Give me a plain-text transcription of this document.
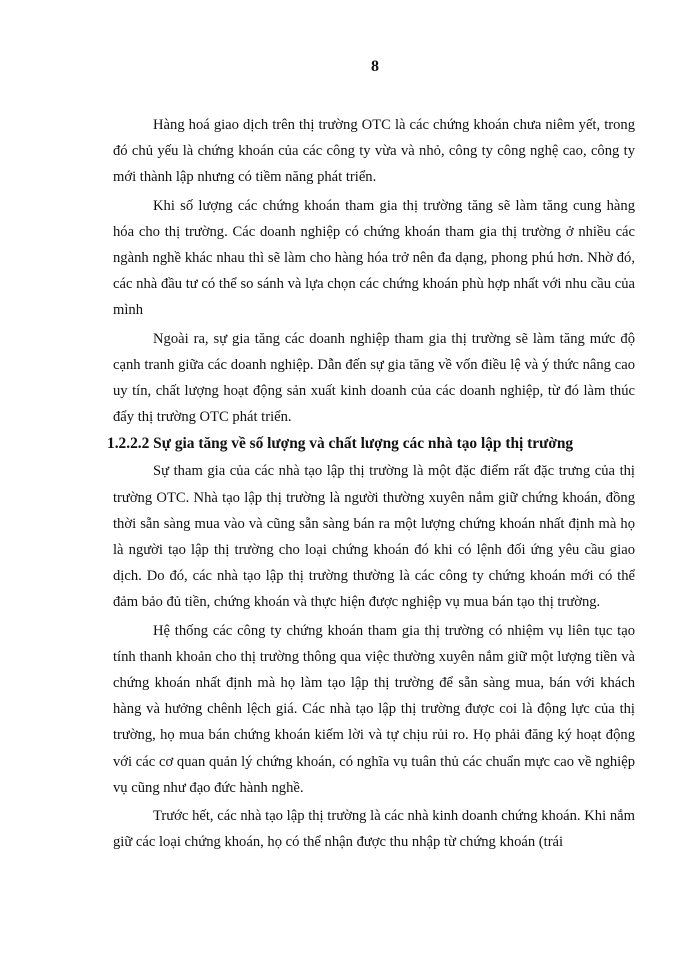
8

Hàng hoá giao dịch trên thị trường OTC là các chứng khoán chưa niêm yết, trong đó chủ yếu là chứng khoán của các công ty vừa và nhỏ, công ty công nghệ cao, công ty mới thành lập nhưng có tiềm năng phát triển.

Khi số lượng các chứng khoán tham gia thị trường tăng sẽ làm tăng cung hàng hóa cho thị trường. Các doanh nghiệp có chứng khoán tham gia thị trường ở nhiều các ngành nghề khác nhau thì sẽ làm cho hàng hóa trở nên đa dạng, phong phú hơn. Nhờ đó, các nhà đầu tư có thể so sánh và lựa chọn các chứng khoán phù hợp nhất với nhu cầu của mình

Ngoài ra, sự gia tăng các doanh nghiệp tham gia thị trường sẽ làm tăng mức độ cạnh tranh giữa các doanh nghiệp. Dẫn đến sự gia tăng về vốn điều lệ và ý thức nâng cao uy tín, chất lượng hoạt động sản xuất kinh doanh của các doanh nghiệp, từ đó làm thúc đẩy thị trường OTC phát triển.

1.2.2.2 Sự gia tăng về số lượng và chất lượng các nhà tạo lập thị trường

Sự tham gia của các nhà tạo lập thị trường là một đặc điểm rất đặc trưng của thị trường OTC. Nhà tạo lập thị trường là người thường xuyên nắm giữ chứng khoán, đồng thời sẵn sàng mua vào và cũng sẵn sàng bán ra một lượng chứng khoán nhất định mà họ là người tạo lập thị trường cho loại chứng khoán đó khi có lệnh đối ứng yêu cầu giao dịch. Do đó, các nhà tạo lập thị trường thường là các công ty chứng khoán mới có thể đảm bảo đủ tiền, chứng khoán và thực hiện được nghiệp vụ mua bán tạo thị trường.

Hệ thống các công ty chứng khoán tham gia thị trường có nhiệm vụ liên tục tạo tính thanh khoản cho thị trường thông qua việc thường xuyên nắm giữ một lượng tiền và chứng khoán nhất định mà họ làm tạo lập thị trường để sẵn sàng mua, bán với khách hàng và hưởng chênh lệch giá. Các nhà tạo lập thị trường được coi là động lực của thị trường, họ mua bán chứng khoán kiếm lời và tự chịu rủi ro. Họ phải đăng ký hoạt động với các cơ quan quản lý chứng khoán, có nghĩa vụ tuân thủ các chuẩn mực cao về nghiệp vụ cũng như đạo đức hành nghề.

Trước hết, các nhà tạo lập thị trường là các nhà kinh doanh chứng khoán. Khi nắm giữ các loại chứng khoán, họ có thể nhận được thu nhập từ chứng khoán (trái
